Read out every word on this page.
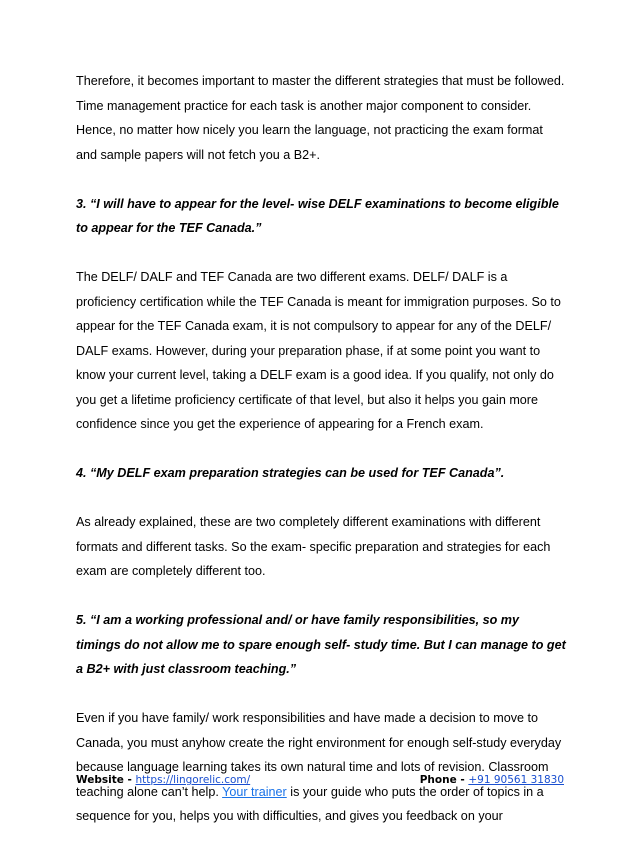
Therefore, it becomes important to master the different strategies that must be followed. Time management practice for each task is another major component to consider. Hence, no matter how nicely you learn the language, not practicing the exam format and sample papers will not fetch you a B2+.

3. “I will have to appear for the level- wise DELF examinations to become eligible to appear for the TEF Canada.”

The DELF/ DALF and TEF Canada are two different exams. DELF/ DALF is a proficiency certification while the TEF Canada is meant for immigration purposes. So to appear for the TEF Canada exam, it is not compulsory to appear for any of the DELF/ DALF exams. However, during your preparation phase, if at some point you want to know your current level, taking a DELF exam is a good idea. If you qualify, not only do you get a lifetime proficiency certificate of that level, but also it helps you gain more confidence since you get the experience of appearing for a French exam.

4. “My DELF exam preparation strategies can be used for TEF Canada”.

As already explained, these are two completely different examinations with different formats and different tasks. So the exam- specific preparation and strategies for each exam are completely different too.

5. “I am a working professional and/ or have family responsibilities, so my timings do not allow me to spare enough self- study time. But I can manage to get a B2+ with just classroom teaching.”

Even if you have family/ work responsibilities and have made a decision to move to Canada, you must anyhow create the right environment for enough self-study everyday because language learning takes its own natural time and lots of revision. Classroom teaching alone can’t help. Your trainer is your guide who puts the order of topics in a sequence for you, helps you with difficulties, and gives you feedback on your

Website - https://lingorelic.com/	Phone - +91 90561 31830
